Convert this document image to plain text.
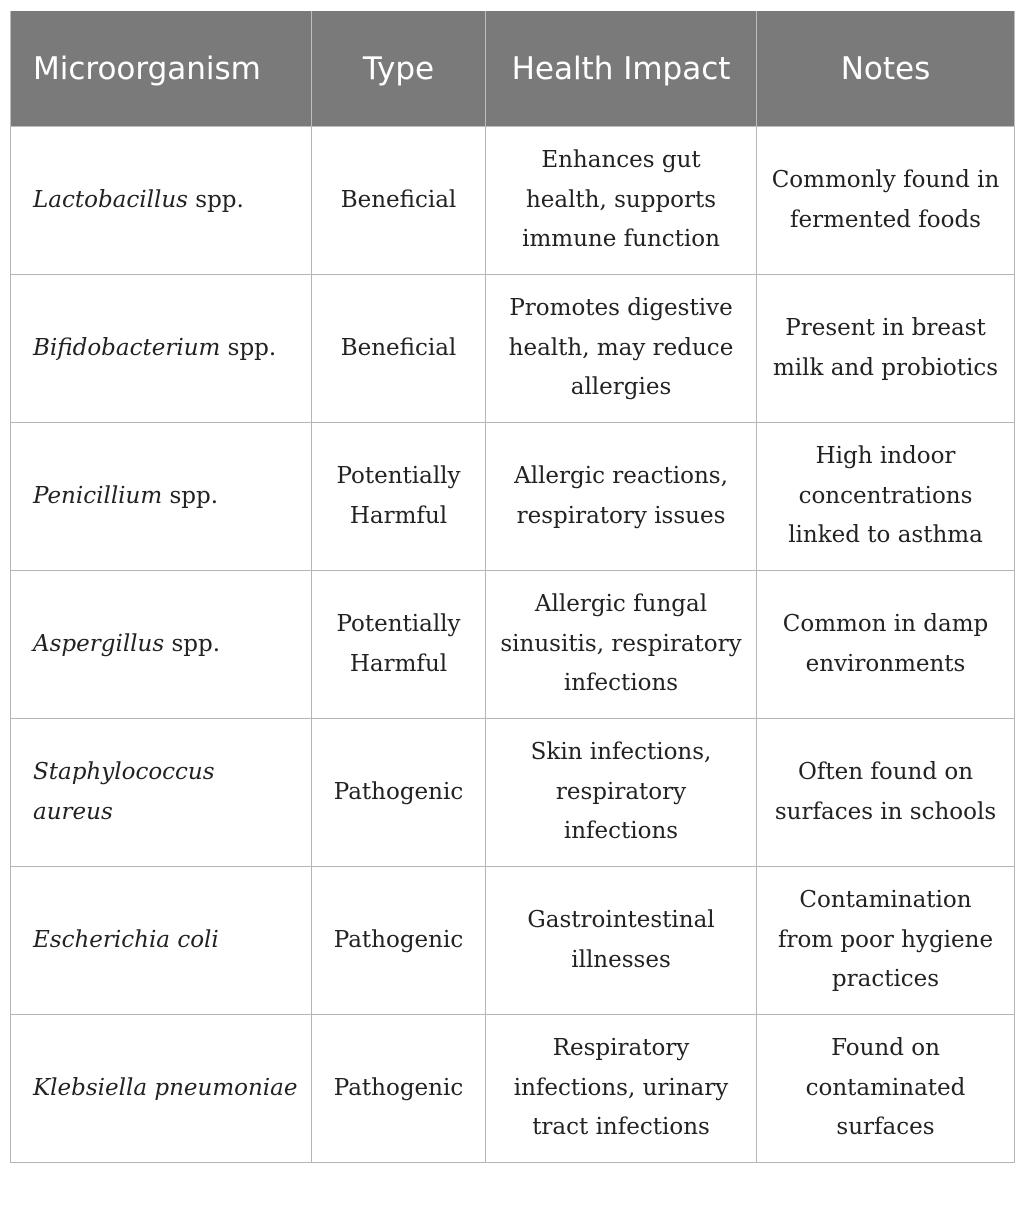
Microorganism	Type	Health Impact	Notes
Lactobacillus spp.	Beneficial	Enhances gut health, supports immune function	Commonly found in fermented foods
Bifidobacterium spp.	Beneficial	Promotes digestive health, may reduce allergies	Present in breast milk and probiotics
Penicillium spp.	Potentially Harmful	Allergic reactions, respiratory issues	High indoor concentrations linked to asthma
Aspergillus spp.	Potentially Harmful	Allergic fungal sinusitis, respiratory infections	Common in damp environments
Staphylococcus aureus	Pathogenic	Skin infections, respiratory infections	Often found on surfaces in schools
Escherichia coli	Pathogenic	Gastrointestinal illnesses	Contamination from poor hygiene practices
Klebsiella pneumoniae	Pathogenic	Respiratory infections, urinary tract infections	Found on contaminated surfaces
